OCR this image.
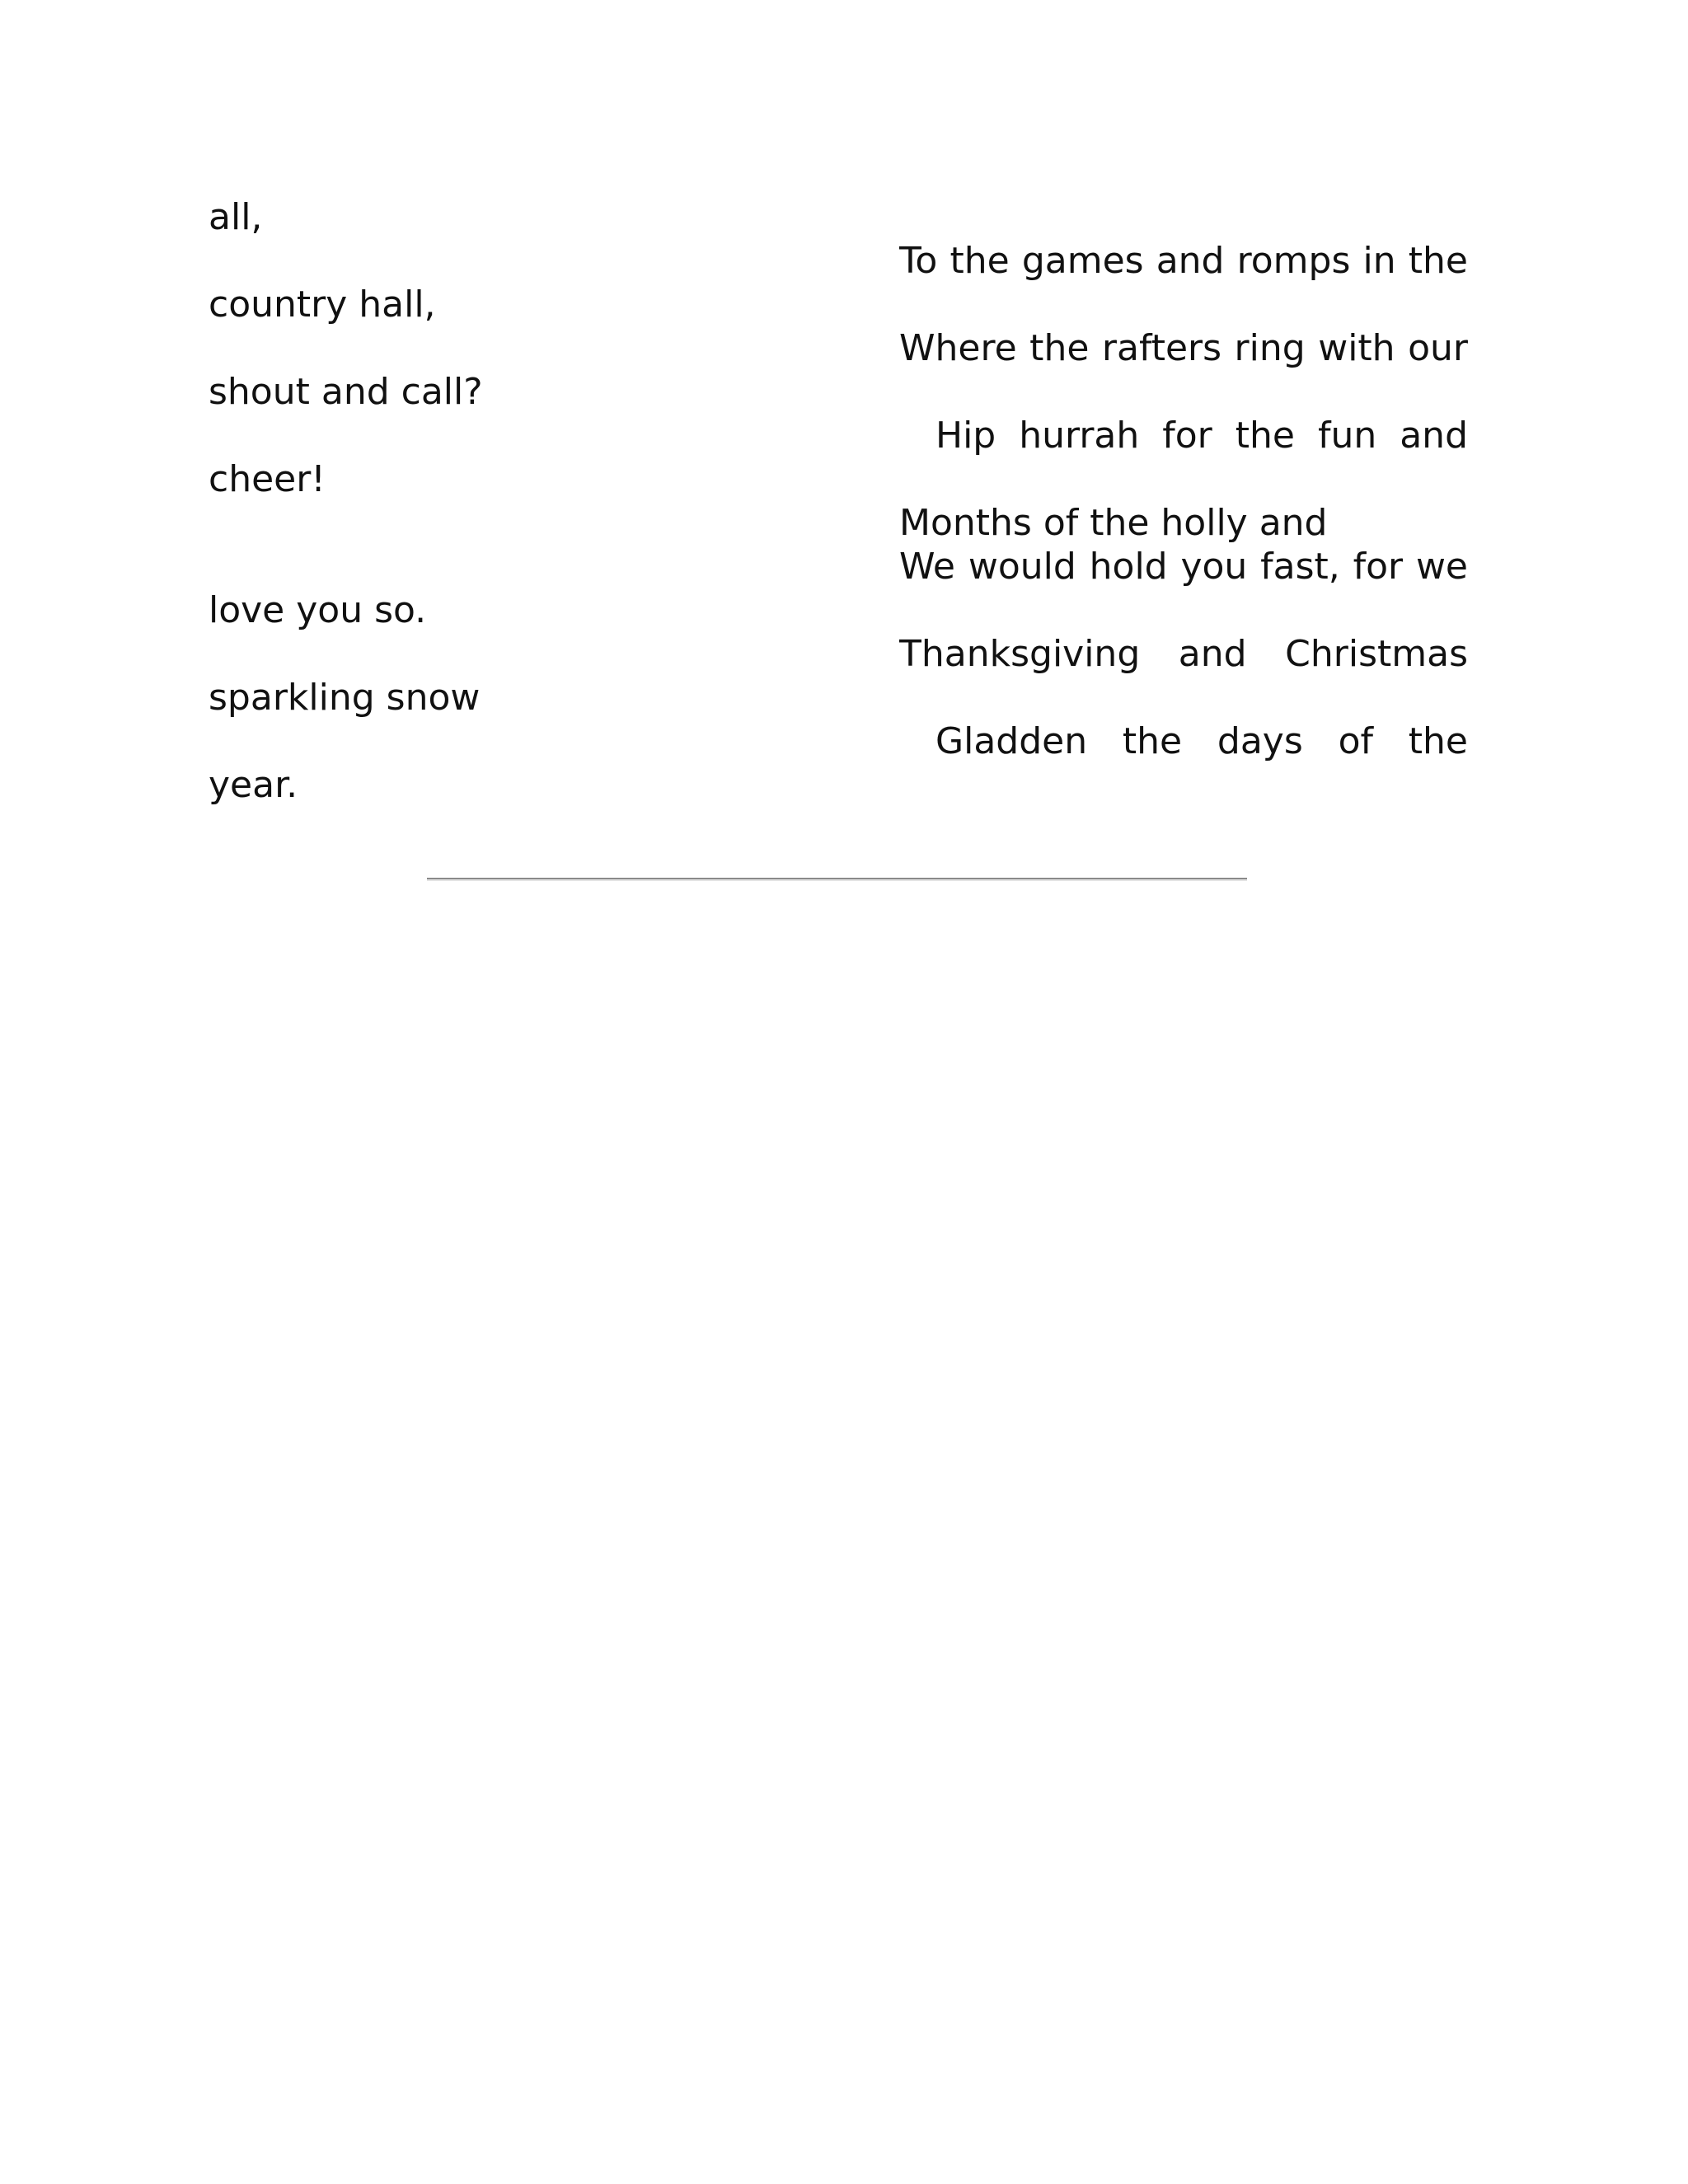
all,
country hall,
shout and call?
cheer!
love you so.
sparkling snow
year.
To the games and romps in the
Where the rafters ring with our
Hip hurrah for the fun and
Months of the holly and
We would hold you fast, for we
Thanksgiving and Christmas
Gladden the days of the
